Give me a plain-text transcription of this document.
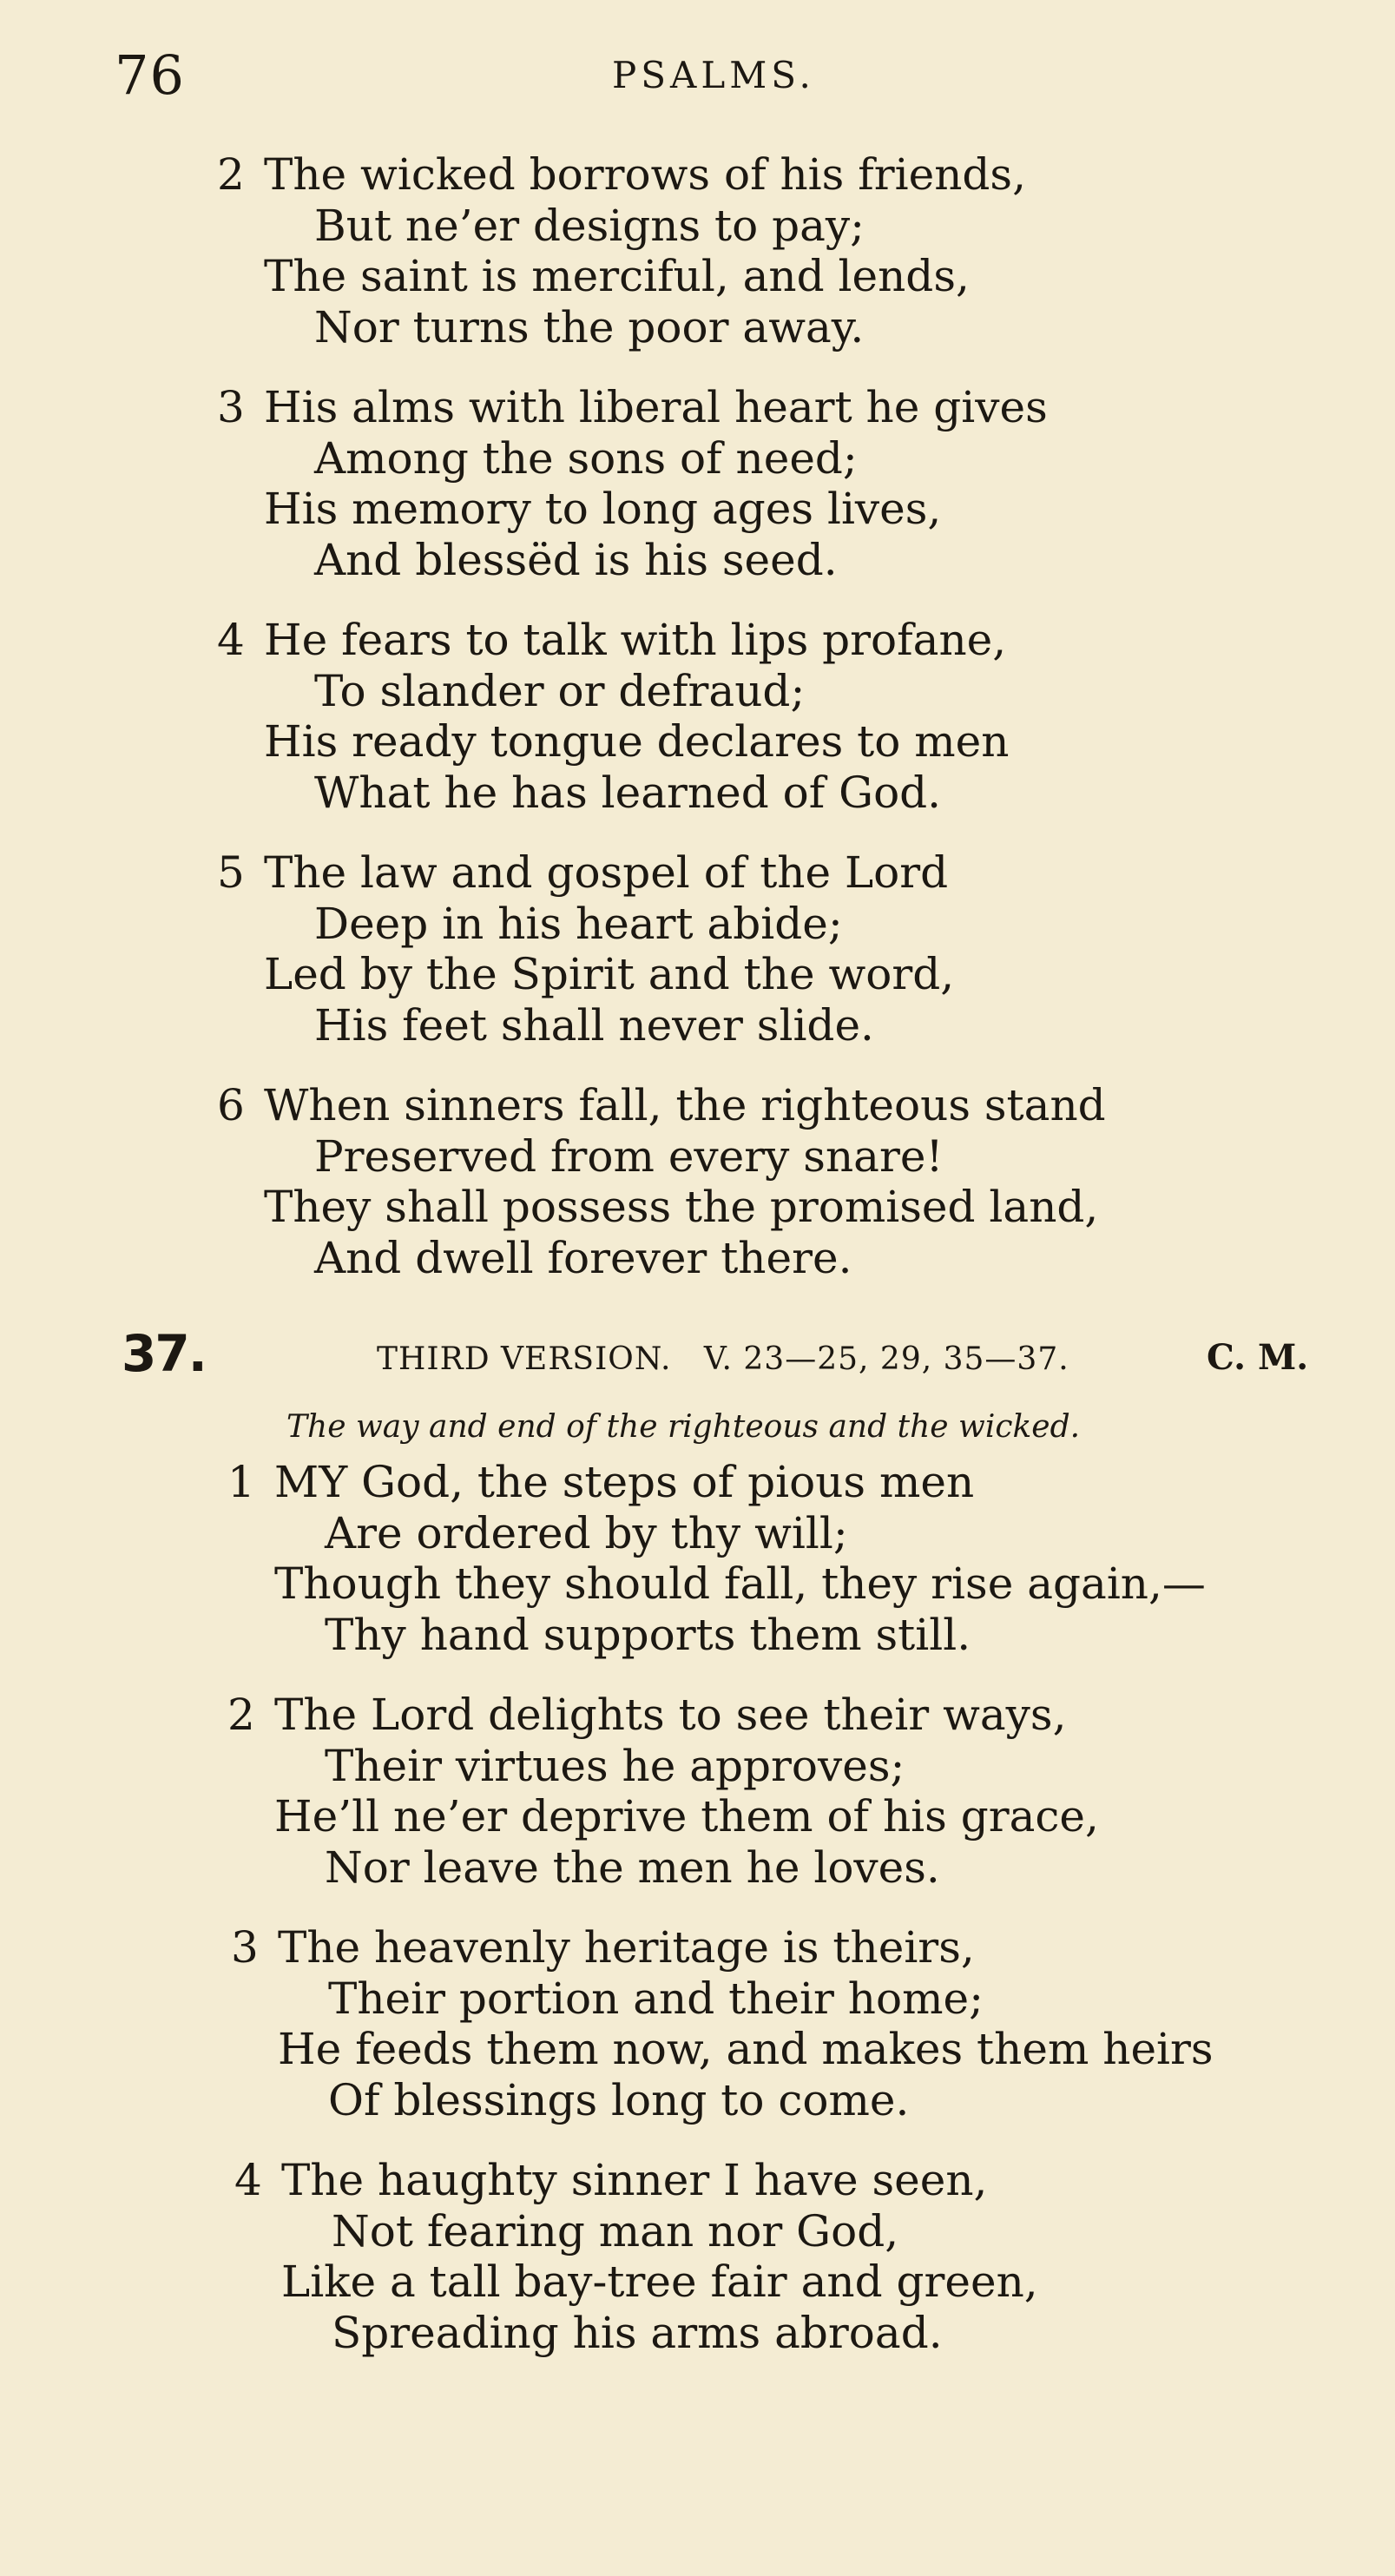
76	PSALMS.
2 The wicked borrows of his friends,
But ne’er designs to pay;
The saint is merciful, and lends,
Nor turns the poor away.
3 His alms with liberal heart he gives
Among the sons of need;
His memory to long ages lives,
And blessëd is his seed.
4 He fears to talk with lips profane,
To slander or defraud;
His ready tongue declares to men
What he has learned of God.
5 The law and gospel of the Lord
Deep in his heart abide;
Led by the Spirit and the word,
His feet shall never slide.
6 When sinners fall, the righteous stand
Preserved from every snare!
They shall possess the promised land,
And dwell forever there.
37.	THIRD VERSION. V. 23—25, 29, 35—37.	C. M.
The way and end of the righteous and the wicked.
1 MY God, the steps of pious men
Are ordered by thy will;
Though they should fall, they rise again,—
Thy hand supports them still.
2 The Lord delights to see their ways,
Their virtues he approves;
He’ll ne’er deprive them of his grace,
Nor leave the men he loves.
3 The heavenly heritage is theirs,
Their portion and their home;
He feeds them now, and makes them heirs
Of blessings long to come.
4 The haughty sinner I have seen,
Not fearing man nor God,
Like a tall bay-tree fair and green,
Spreading his arms abroad.
